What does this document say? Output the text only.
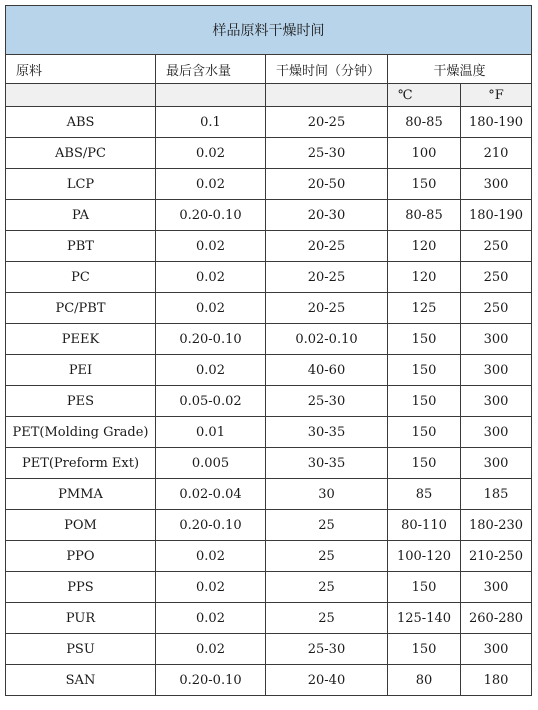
样品原料干燥时间				
原料	最后含水量	干燥时间（分钟）	干燥温度	
			℃	°F
ABS	0.1	20-25	80-85	180-190
ABS/PC	0.02	25-30	100	210
LCP	0.02	20-50	150	300
PA	0.20-0.10	20-30	80-85	180-190
PBT	0.02	20-25	120	250
PC	0.02	20-25	120	250
PC/PBT	0.02	20-25	125	250
PEEK	0.20-0.10	0.02-0.10	150	300
PEI	0.02	40-60	150	300
PES	0.05-0.02	25-30	150	300
PET(Molding Grade)	0.01	30-35	150	300
PET(Preform Ext)	0.005	30-35	150	300
PMMA	0.02-0.04	30	85	185
POM	0.20-0.10	25	80-110	180-230
PPO	0.02	25	100-120	210-250
PPS	0.02	25	150	300
PUR	0.02	25	125-140	260-280
PSU	0.02	25-30	150	300
SAN	0.20-0.10	20-40	80	180
